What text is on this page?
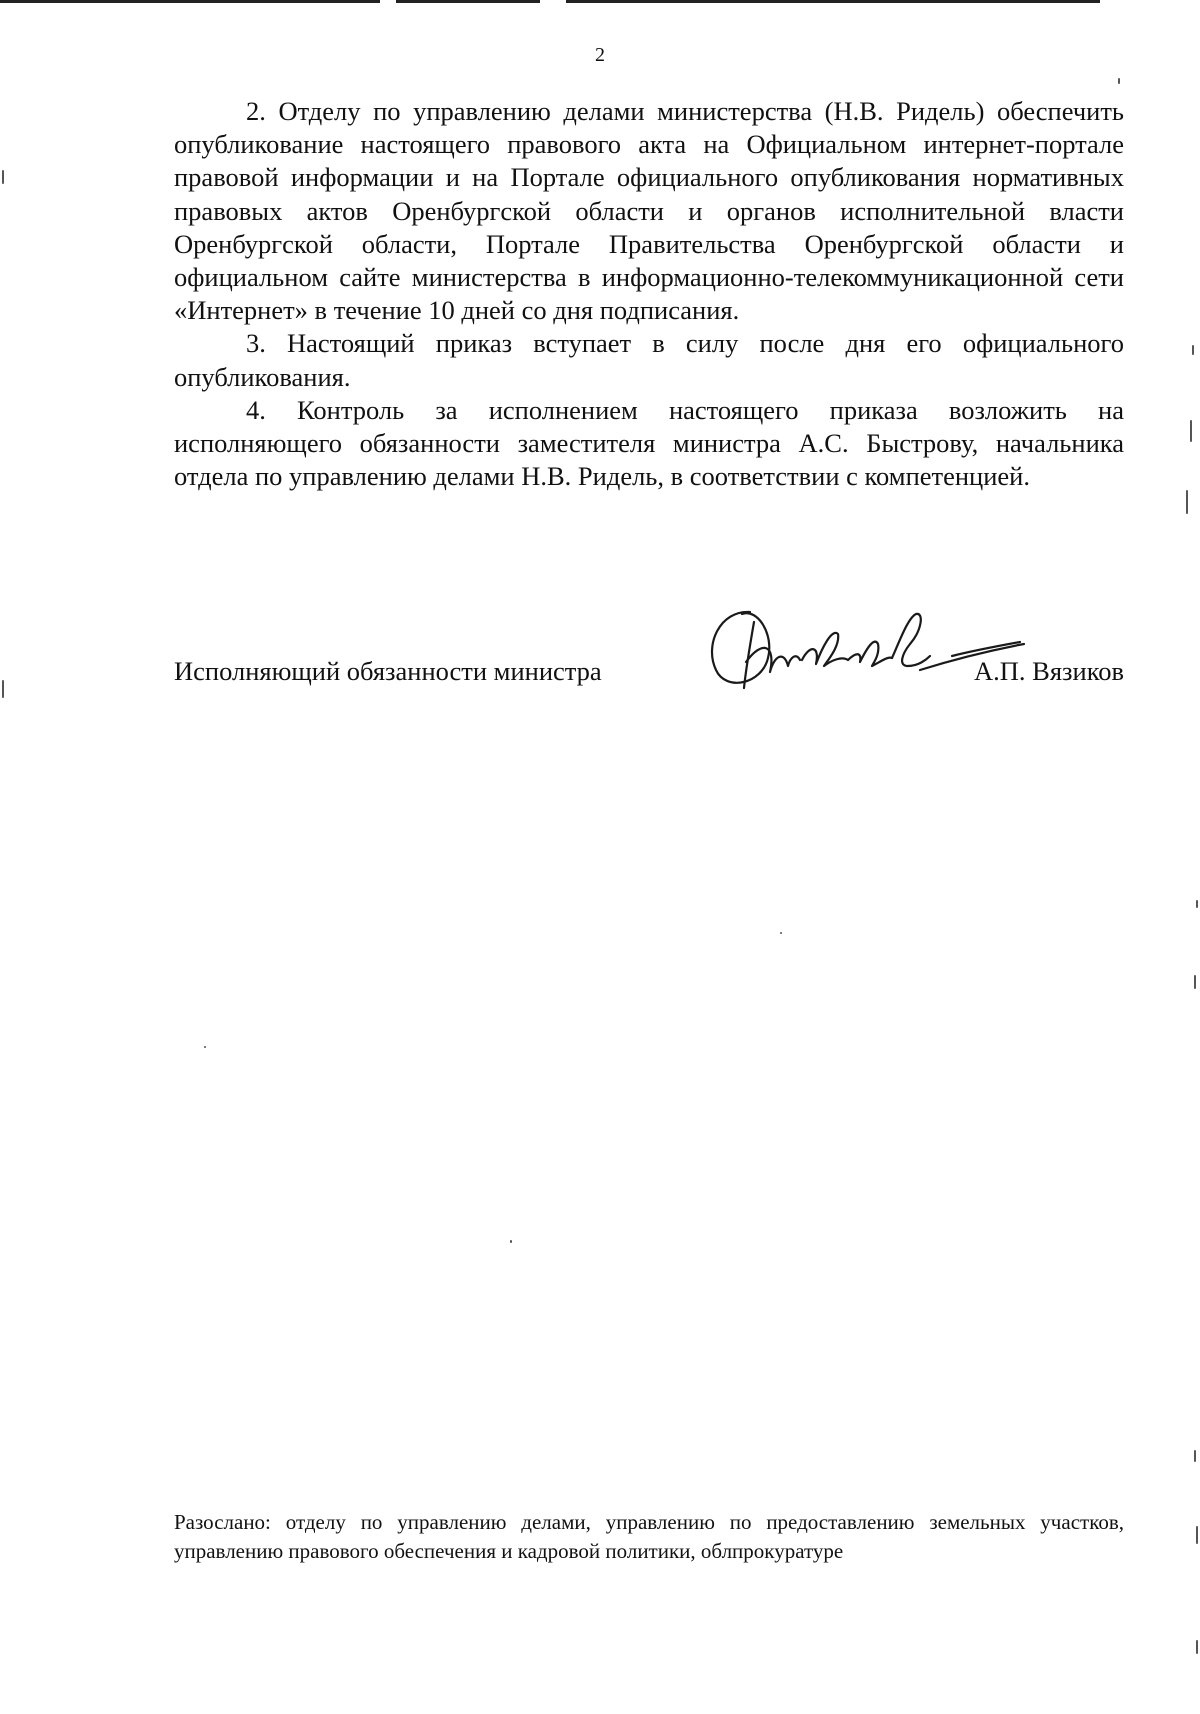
2

2. Отделу по управлению делами министерства (Н.В. Ридель) обеспечить опубликование настоящего правового акта на Официальном интернет-портале правовой информации и на Портале официального опубликования нормативных правовых актов Оренбургской области и органов исполнительной власти Оренбургской области, Портале Правительства Оренбургской области и официальном сайте министерства в информационно-телекоммуникационной сети «Интернет» в течение 10 дней со дня подписания.

3. Настоящий приказ вступает в силу после дня его официального опубликования.

4. Контроль за исполнением настоящего приказа возложить на исполняющего обязанности заместителя министра А.С. Быстрову, начальника отдела по управлению делами Н.В. Ридель, в соответствии с компетенцией.

Исполняющий обязанности министра	А.П. Вязиков
Разослано: отделу по управлению делами, управлению по предоставлению земельных участков, управлению правового обеспечения и кадровой политики, облпрокуратуре
